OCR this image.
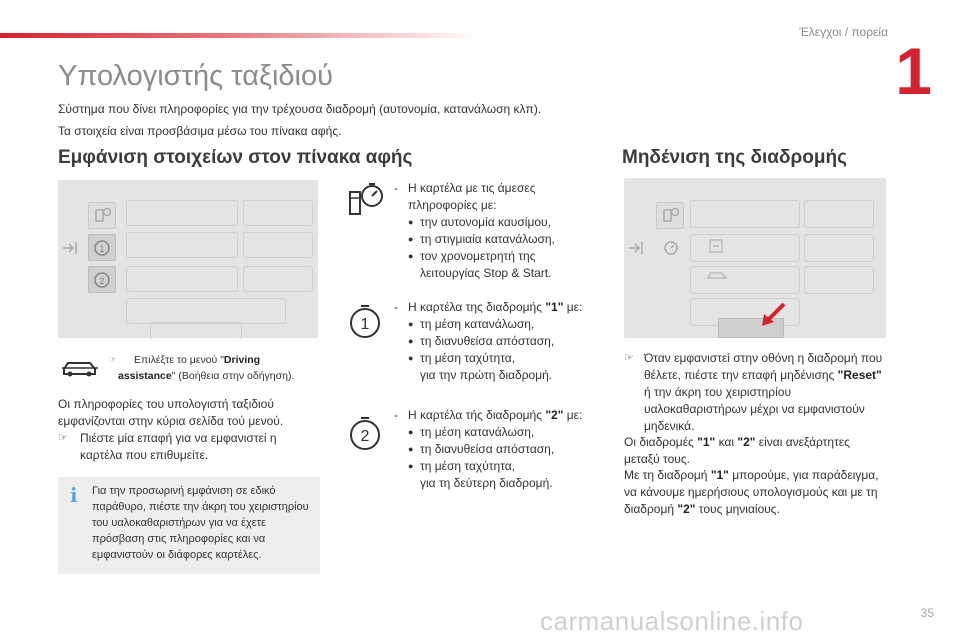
Έλεγχοι / πορεία
1
Υπολογιστής ταξιδιού
Σύστημα που δίνει πληροφορίες για την τρέχουσα διαδρομή (αυτονομία, κατανάλωση κλπ).
Τα στοιχεία είναι προσβάσιμα μέσω του πίνακα αφής.
Εμφάνιση στοιχείων στον πίνακα αφής
1
2
☞ Επιλέξτε το μενού "Driving assistance" (Βοήθεια στην οδήγηση).
Οι πληροφορίες του υπολογιστή ταξιδιού εμφανίζονται στην κύρια σελίδα τού μενού.
☞	Πιέστε μία επαφή για να εμφανιστεί η καρτέλα που επιθυμείτε.
i Για την προσωρινή εμφάνιση σε εδικό παράθυρο, πιέστε την άκρη του χειριστηρίου του υαλοκαθαριστήρων για να έχετε πρόσβαση στις πληροφορίες και να εμφανιστούν οι διάφορες καρτέλες.
- Η καρτέλα με τις άμεσες πληροφορίες με:
● την αυτονομία καυσίμου,
● τη στιγμιαία κατανάλωση,
● τον χρονομετρητή της λειτουργίας Stop & Start.
1
- Η καρτέλα της διαδρομής "1" με:
● τη μέση κατανάλωση,
● τη διανυθείσα απόσταση,
● τη μέση ταχύτητα,
για την πρώτη διαδρομή.
2
- Η καρτέλα τής διαδρομής "2" με:
● τη μέση κατανάλωση,
● τη διανυθείσα απόσταση,
● τη μέση ταχύτητα,
για τη δεύτερη διαδρομή.
Μηδένιση της διαδρομής
☞ Όταν εμφανιστεί στην οθόνη η διαδρομή που θέλετε, πιέστε την επαφή μηδένισης "Reset" ή την άκρη του χειριστηρίου υαλοκαθαριστήρων μέχρι να εμφανιστούν μηδενικά.
Οι διαδρομές "1" και "2" είναι ανεξάρτητες μεταξύ τους.
Με τη διαδρομή "1" μπορούμε, για παράδειγμα, να κάνουμε ημερήσιους υπολογισμούς και με τη διαδρομή "2" τους μηνιαίους.
carmanualsonline.info	35
